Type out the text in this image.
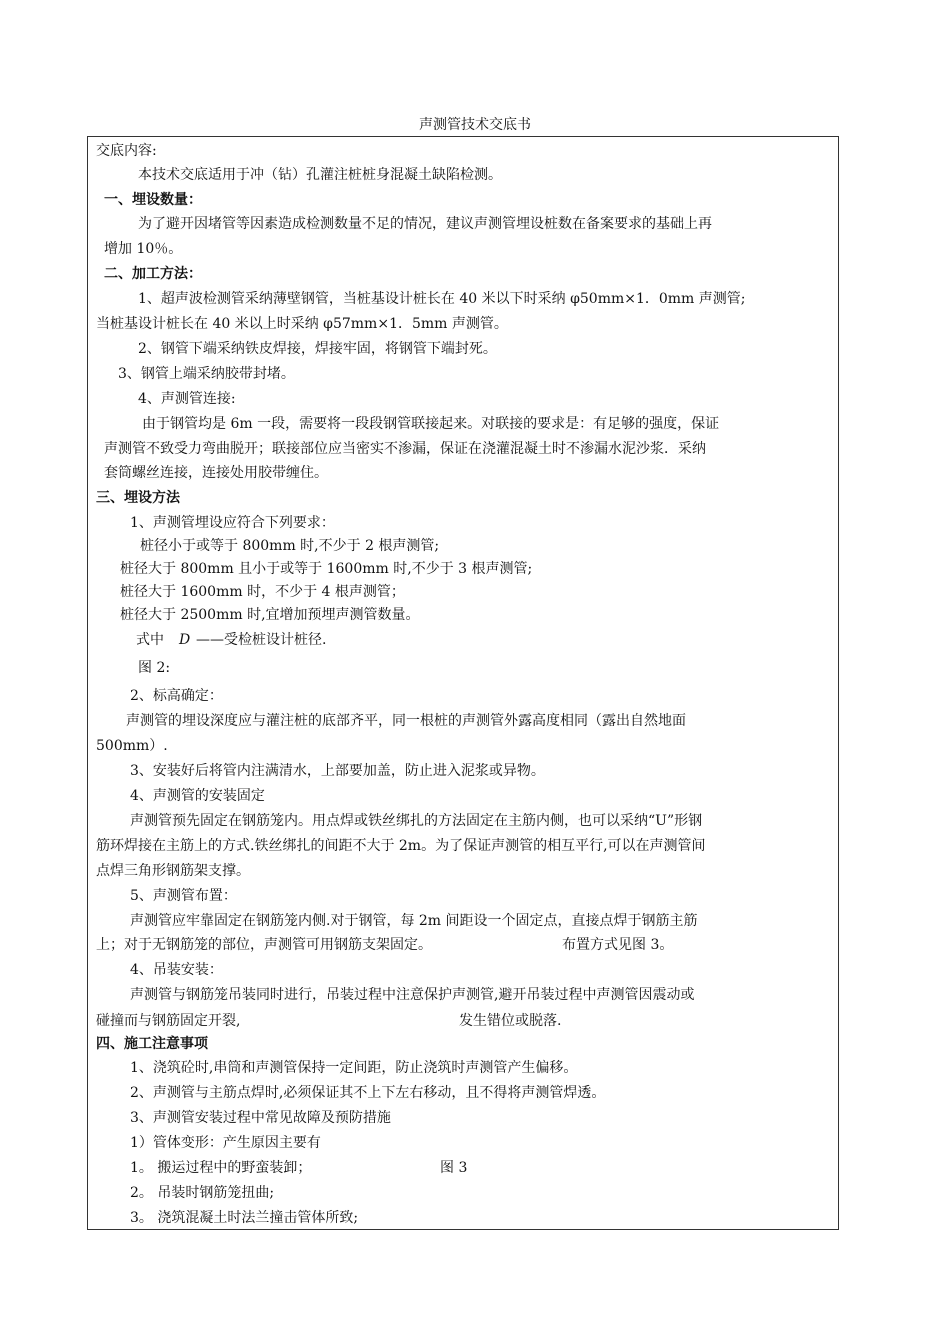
声测管技术交底书
交底内容:
本技术交底适用于冲（钻）孔灌注桩桩身混凝土缺陷检测。
一、埋设数量：
为了避开因堵管等因素造成检测数量不足的情况，建议声测管埋设桩数在备案要求的基础上再
增加 10％。
二、加工方法：
1、超声波检测管采纳薄壁钢管，当桩基设计桩长在 40 米以下时采纳 φ50mm×1．0mm 声测管;
当桩基设计桩长在 40 米以上时采纳 φ57mm×1．5mm 声测管。
2、钢管下端采纳铁皮焊接，焊接牢固，将钢管下端封死。
3、钢管上端采纳胶带封堵。
4、声测管连接:
由于钢管均是 6m 一段，需要将一段段钢管联接起来。对联接的要求是：有足够的强度，保证
声测管不致受力弯曲脱开；联接部位应当密实不渗漏，保证在浇灌混凝土时不渗漏水泥沙浆．采纳
套筒螺丝连接，连接处用胶带缠住。
三、埋设方法
1、声测管埋设应符合下列要求：
桩径小于或等于 800mm 时,不少于 2 根声测管;
桩径大于 800mm 且小于或等于 1600mm 时,不少于 3 根声测管;
桩径大于 1600mm 时，不少于 4 根声测管；
桩径大于 2500mm 时,宜增加预埋声测管数量。
式中 D ——受检桩设计桩径.
图 2:
2、标高确定：
声测管的埋设深度应与灌注桩的底部齐平，同一根桩的声测管外露高度相同（露出自然地面
500mm）.
3、安装好后将管内注满清水，上部要加盖，防止进入泥浆或异物。
4、声测管的安装固定
声测管预先固定在钢筋笼内。用点焊或铁丝绑扎的方法固定在主筋内侧，也可以采纳“U”形钢
筋环焊接在主筋上的方式.铁丝绑扎的间距不大于 2m。为了保证声测管的相互平行,可以在声测管间
点焊三角形钢筋架支撑。
5、声测管布置：
声测管应牢靠固定在钢筋笼内侧.对于钢管，每 2m 间距设一个固定点，直接点焊于钢筋主筋
上；对于无钢筋笼的部位，声测管可用钢筋支架固定。	布置方式见图 3。
4、吊装安装：
声测管与钢筋笼吊装同时进行，吊装过程中注意保护声测管,避开吊装过程中声测管因震动或
碰撞而与钢筋固定开裂,	发生错位或脱落.
四、施工注意事项
1、浇筑砼时,串筒和声测管保持一定间距，防止浇筑时声测管产生偏移。
2、声测管与主筋点焊时,必须保证其不上下左右移动，且不得将声测管焊透。
3、声测管安装过程中常见故障及预防措施
1）管体变形：产生原因主要有
1。 搬运过程中的野蛮装卸；	图 3
2。 吊装时钢筋笼扭曲;
3。 浇筑混凝土时法兰撞击管体所致;
